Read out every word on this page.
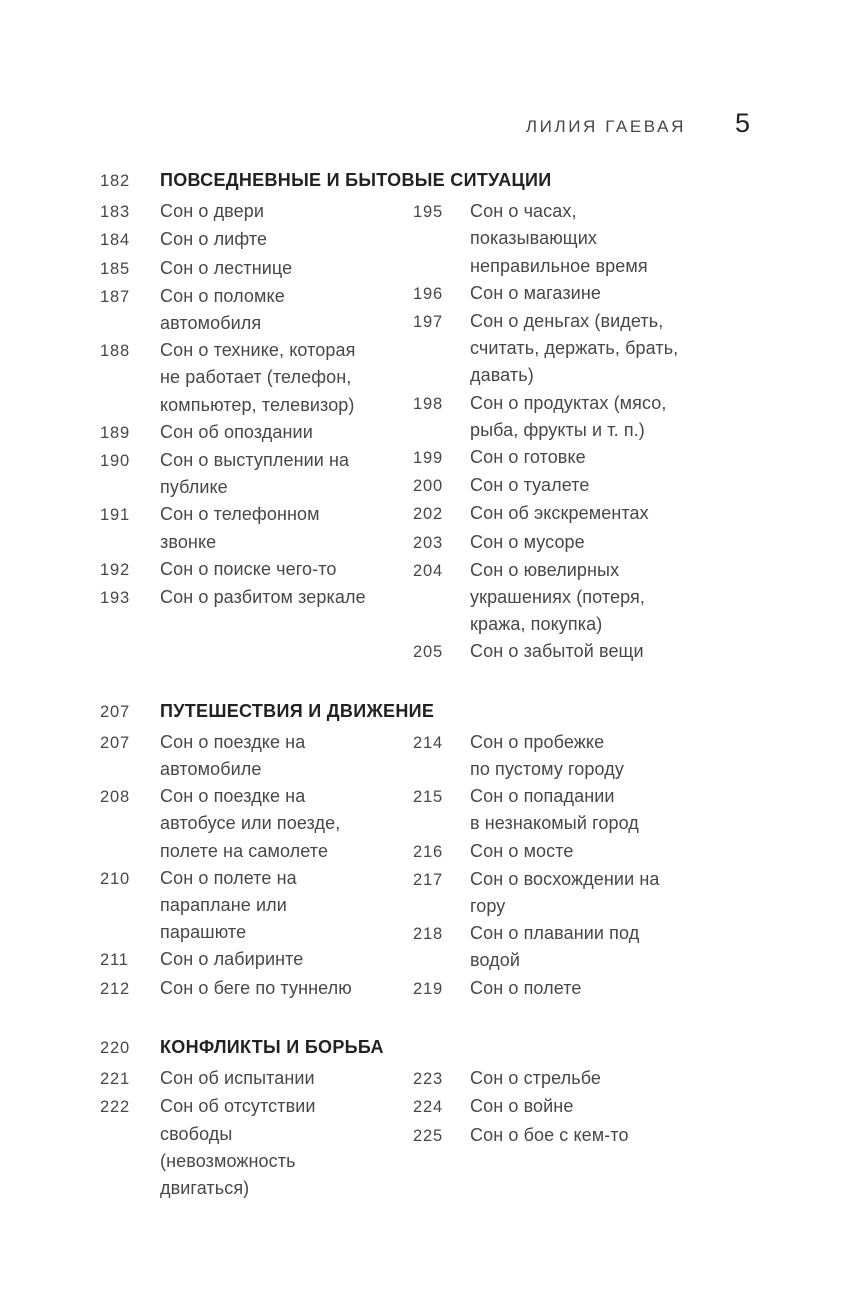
ЛИЛИЯ ГАЕВАЯ 5
182	ПОВСЕДНЕВНЫЕ И БЫТОВЫЕ СИТУАЦИИ
183	Сон о двери
184	Сон о лифте
185	Сон о лестнице
187	Сон о поломке
автомобиля
188	Сон о технике, которая
не работает (телефон,
компьютер, телевизор)
189	Сон об опоздании
190	Сон о выступлении на
публике
191	Сон о телефонном
звонке
192	Сон о поиске чего-то
193	Сон о разбитом зеркале
195	Сон о часах,
показывающих
неправильное время
196	Сон о магазине
197	Сон о деньгах (видеть,
считать, держать, брать,
давать)
198	Сон о продуктах (мясо,
рыба, фрукты и т. п.)
199	Сон о готовке
200	Сон о туалете
202	Сон об экскрементах
203	Сон о мусоре
204	Сон о ювелирных
украшениях (потеря,
кража, покупка)
205	Сон о забытой вещи
207	ПУТЕШЕСТВИЯ И ДВИЖЕНИЕ
207	Сон о поездке на
автомобиле
208	Сон о поездке на
автобусе или поезде,
полете на самолете
210	Сон о полете на
параплане или
парашюте
211	Сон о лабиринте
212	Сон о беге по туннелю
214	Сон о пробежке
по пустому городу
215	Сон о попадании
в незнакомый город
216	Сон о мосте
217	Сон о восхождении на
гору
218	Сон о плавании под
водой
219	Сон о полете
220	КОНФЛИКТЫ И БОРЬБА
221	Сон об испытании
222	Сон об отсутствии
свободы
(невозможность
двигаться)
223	Сон о стрельбе
224	Сон о войне
225	Сон о бое с кем-то
